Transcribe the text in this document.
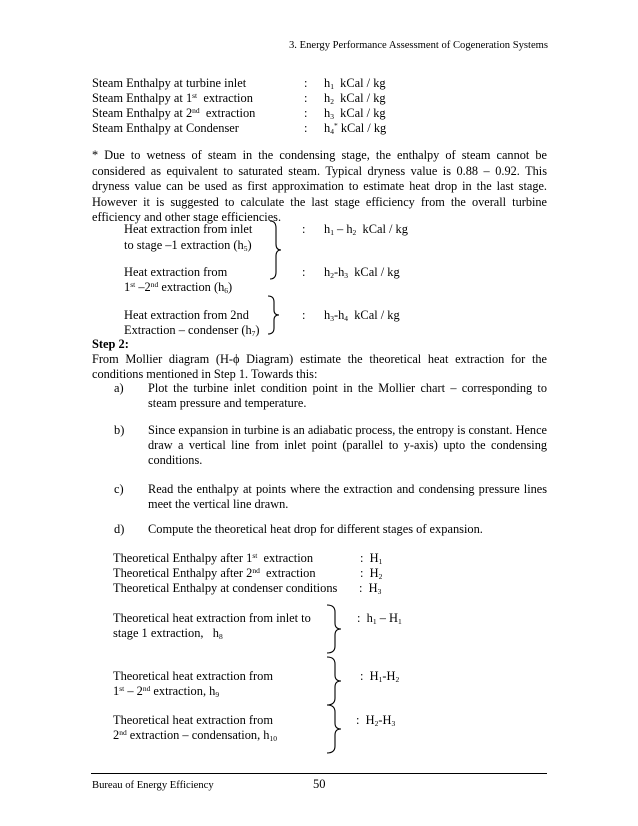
3. Energy Performance Assessment of Cogeneration Systems
Steam Enthalpy at turbine inlet
Steam Enthalpy at 1st  extraction
Steam Enthalpy at 2nd  extraction
Steam Enthalpy at Condenser
:
:
:
:
$h_1$ kCal / kg
$h_2$ kCal / kg
$h_3$ kCal / kg
$h_4^*$ kCal / kg
* Due to wetness of steam in the condensing stage, the enthalpy of steam cannot be considered as equivalent to saturated steam. Typical dryness value is 0.88 – 0.92. This dryness value can be used as first approximation to estimate heat drop in the last stage. However it is suggested to calculate the last stage efficiency from the overall turbine efficiency and other stage efficiencies.
Heat extraction from inlet
to stage –1 extraction $(h_5)$
: $h_1 - h_2$ kCal / kg
Heat extraction from
1st –2nd extraction $(h_6)$
: $h_2-h_3$ kCal / kg
Heat extraction from 2nd
Extraction – condenser $(h_7)$
: $h_3-h_4$ kCal / kg
Step 2:
From Mollier diagram (H-ϕ Diagram) estimate the theoretical heat extraction for the conditions mentioned in Step 1. Towards this:
a) Plot the turbine inlet condition point in the Mollier chart – corresponding to steam pressure and temperature.
b) Since expansion in turbine is an adiabatic process, the entropy is constant. Hence draw a vertical line from inlet point (parallel to y-axis) upto the condensing conditions.
c) Read the enthalpy at points where the extraction and condensing pressure lines meet the vertical line drawn.
d) Compute the theoretical heat drop for different stages of expansion.
Theoretical Enthalpy after 1st  extraction
Theoretical Enthalpy after 2nd  extraction
Theoretical Enthalpy at condenser conditions
: $H_1$
: $H_2$
: $H_3$
Theoretical heat extraction from inlet to
stage 1 extraction,   $h_8$
: $h_1 - H_1$
Theoretical heat extraction from
1st – 2nd extraction, $h_9$
: $H_1-H_2$
Theoretical heat extraction from
2nd extraction – condensation, $h_{10}$
: $H_2-H_3$
Bureau of Energy Efficiency	50
